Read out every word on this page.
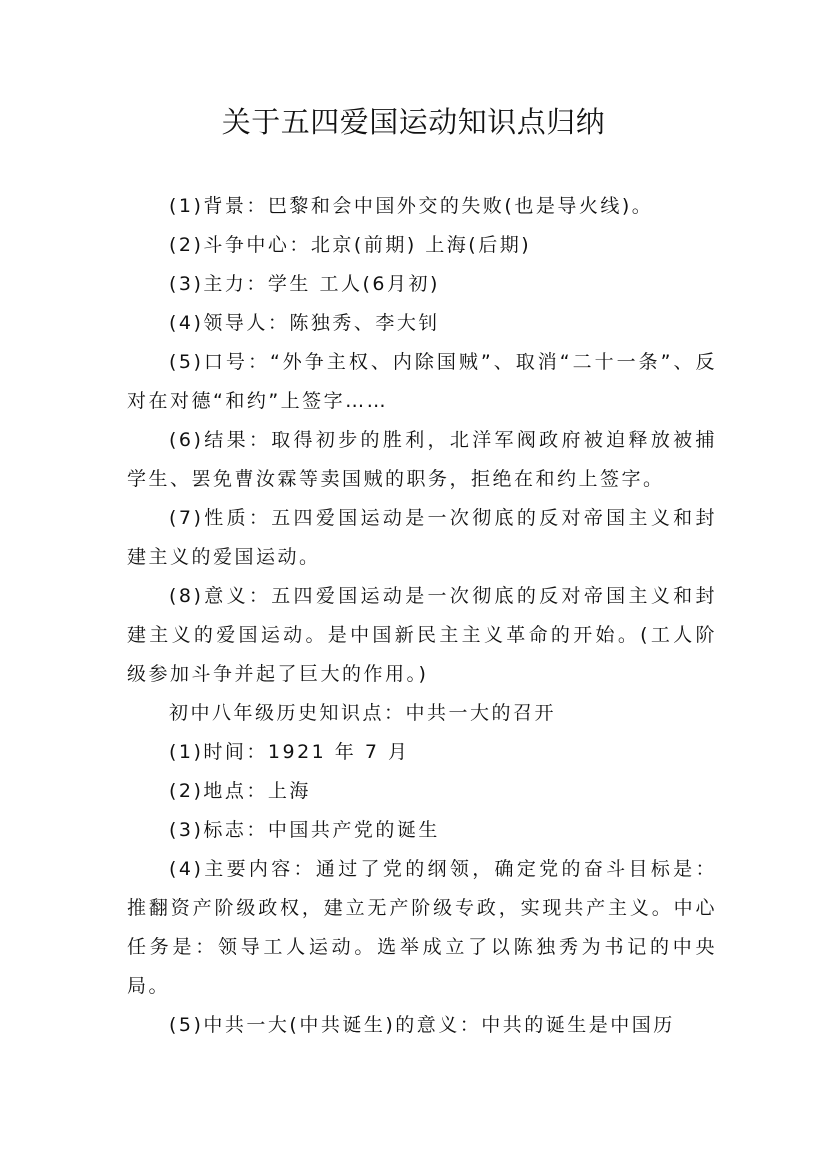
关于五四爱国运动知识点归纳

(1)背景：巴黎和会中国外交的失败(也是导火线)。

(2)斗争中心：北京(前期) 上海(后期)

(3)主力：学生 工人(6月初)

(4)领导人：陈独秀、李大钊

(5)口号：“外争主权、内除国贼”、取消“二十一条”、反对在对德“和约”上签字……

(6)结果：取得初步的胜利，北洋军阀政府被迫释放被捕学生、罢免曹汝霖等卖国贼的职务，拒绝在和约上签字。

(7)性质：五四爱国运动是一次彻底的反对帝国主义和封建主义的爱国运动。

(8)意义：五四爱国运动是一次彻底的反对帝国主义和封建主义的爱国运动。是中国新民主主义革命的开始。(工人阶级参加斗争并起了巨大的作用。)

初中八年级历史知识点：中共一大的召开

(1)时间：1921 年 7 月

(2)地点：上海

(3)标志：中国共产党的诞生

(4)主要内容：通过了党的纲领，确定党的奋斗目标是：推翻资产阶级政权，建立无产阶级专政，实现共产主义。中心任务是：领导工人运动。选举成立了以陈独秀为书记的中央局。

(5)中共一大(中共诞生)的意义：中共的诞生是中国历
